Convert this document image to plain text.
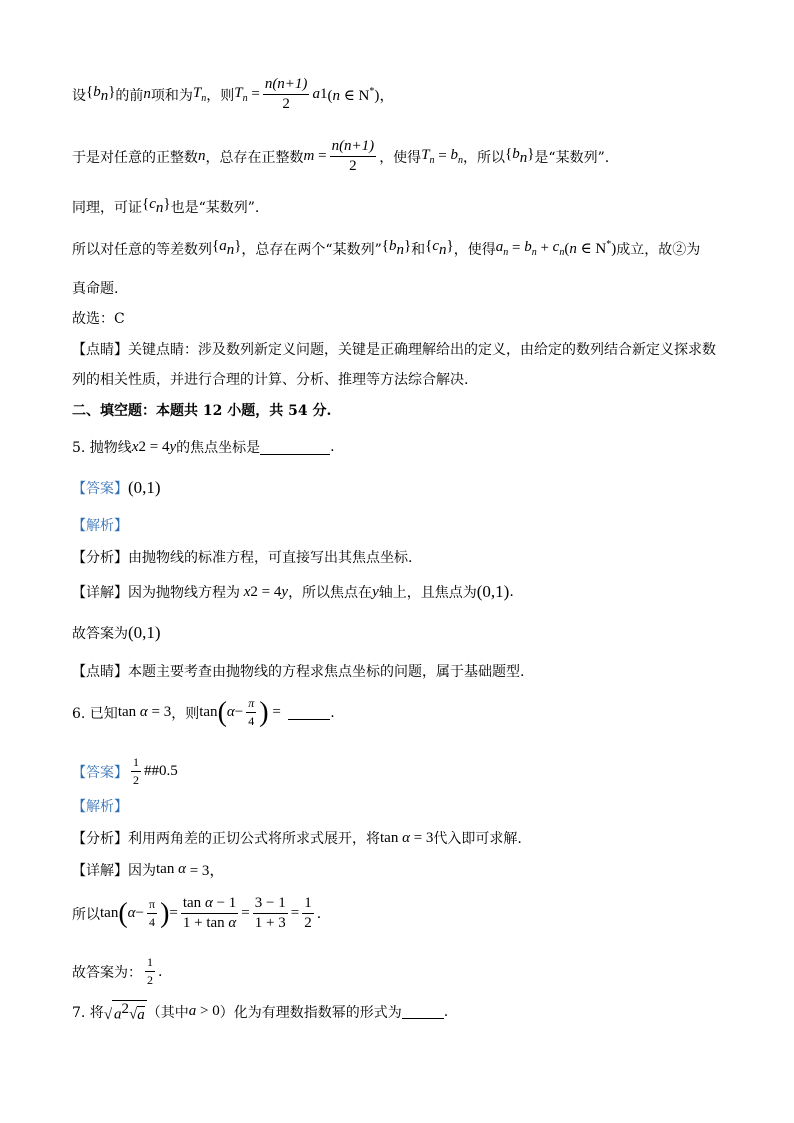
设 $\{b_n\}$ 的前 n 项和为 $T_n$ ，则 $T_n = \frac{n(n+1)}{2}$ a 1 (n ∈ N*)，
于是对任意的正整数 n ，总存在正整数 $m = \frac{n(n+1)}{2}$ ，使得 $T_n = b_n$ ，所以 $\{b_n\}$ 是“某数列”.
同理，可证 $\{c_n\}$ 也是“某数列”.
所以对任意的等差数列 $\{a_n\}$ ，总存在两个“某数列” $\{b_n\}$ 和 $\{c_n\}$ ，使得 $a_n = b_n + c_n$ (n ∈ N*) 成立，故②为
真命题.
故选：C
【点睛】关键点睛：涉及数列新定义问题，关键是正确理解给出的定义，由给定的数列结合新定义探求数
列的相关性质，并进行合理的计算、分析、推理等方法综合解决.
二、填空题：本题共 12 小题，共 54 分.
5. 抛物线 x 2 = 4 y 的焦点坐标是	.
【答案】 (0,1)
【解析】
【分析】由抛物线的标准方程，可直接写出其焦点坐标.
【详解】因为抛物线方程为 x 2 = 4 y ，所以焦点在 y 轴上，且焦点为 (0,1) .
故答案为 (0,1)
【点睛】本题主要考查由抛物线的方程求焦点坐标的问题，属于基础题型.
6. 已知 tan α = 3 ，则 tan ( $\alpha - \frac{\pi}{4}$ ) =	.
【答案】 $\frac{1}{2}$ ##0.5
【解析】
【分析】利用两角差的正切公式将所求式展开，将 tan α = 3 代入即可求解.
【详解】因为 tan α = 3，
所以 tan ( $\alpha - \frac{\pi}{4}$ ) = $\frac{\text{tan α − 1}}{\text{1 + tan α}} = \frac{3 - 1}{1 + 3} = \frac{1}{2}$ .
故答案为： $\frac{1}{2}$ .
7. 将 √ $a^2√a$ （其中 a > 0 ）化为有理数指数幂的形式为	.
